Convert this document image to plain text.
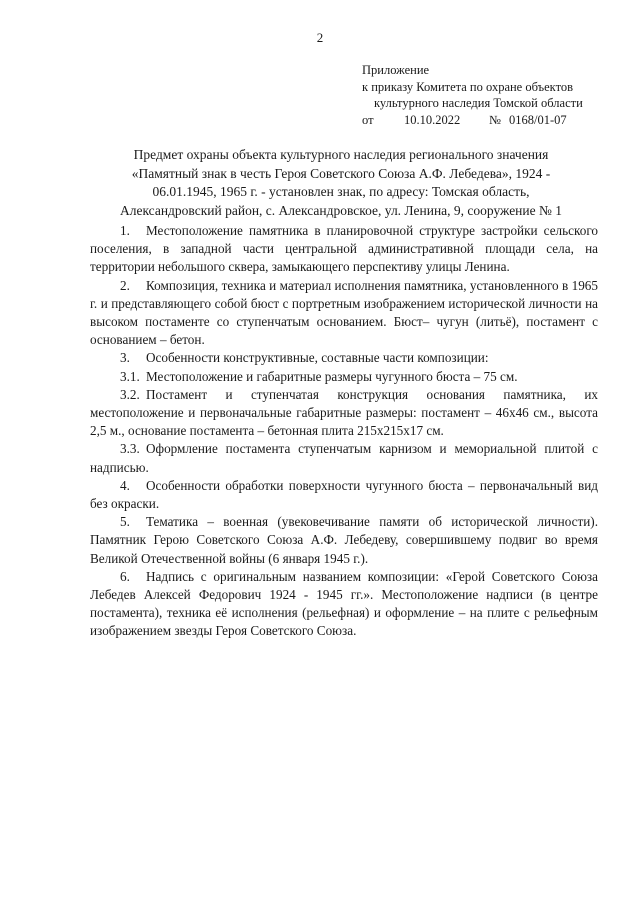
2
Приложение
к приказу Комитета по охране объектов
культурного наследия Томской области
от 10.10.2022 № 0168/01-07
Предмет охраны объекта культурного наследия регионального значения
«Памятный знак в честь Героя Советского Союза А.Ф. Лебедева», 1924 -
06.01.1945, 1965 г. - установлен знак, по адресу: Томская область,
Александровский район, с. Александровское, ул. Ленина, 9, сооружение № 1

1. Местоположение памятника в планировочной структуре застройки сельского поселения, в западной части центральной административной площади села, на территории небольшого сквера, замыкающего перспективу улицы Ленина.

2. Композиция, техника и материал исполнения памятника, установленного в 1965 г. и представляющего собой бюст с портретным изображением исторической личности на высоком постаменте со ступенчатым основанием. Бюст– чугун (литьё), постамент с основанием – бетон.

3. Особенности конструктивные, составные части композиции:

3.1. Местоположение и габаритные размеры чугунного бюста – 75 см.

3.2. Постамент и ступенчатая конструкция основания памятника, их местоположение и первоначальные габаритные размеры: постамент – 46х46 см., высота 2,5 м., основание постамента – бетонная плита 215х215х17 см.

3.3. Оформление постамента ступенчатым карнизом и мемориальной плитой с надписью.

4. Особенности обработки поверхности чугунного бюста – первоначальный вид без окраски.

5. Тематика – военная (увековечивание памяти об исторической личности). Памятник Герою Советского Союза А.Ф. Лебедеву, совершившему подвиг во время Великой Отечественной войны (6 января 1945 г.).

6. Надпись с оригинальным названием композиции: «Герой Советского Союза Лебедев Алексей Федорович 1924 - 1945 гг.». Местоположение надписи (в центре постамента), техника её исполнения (рельефная) и оформление – на плите с рельефным изображением звезды Героя Советского Союза.
